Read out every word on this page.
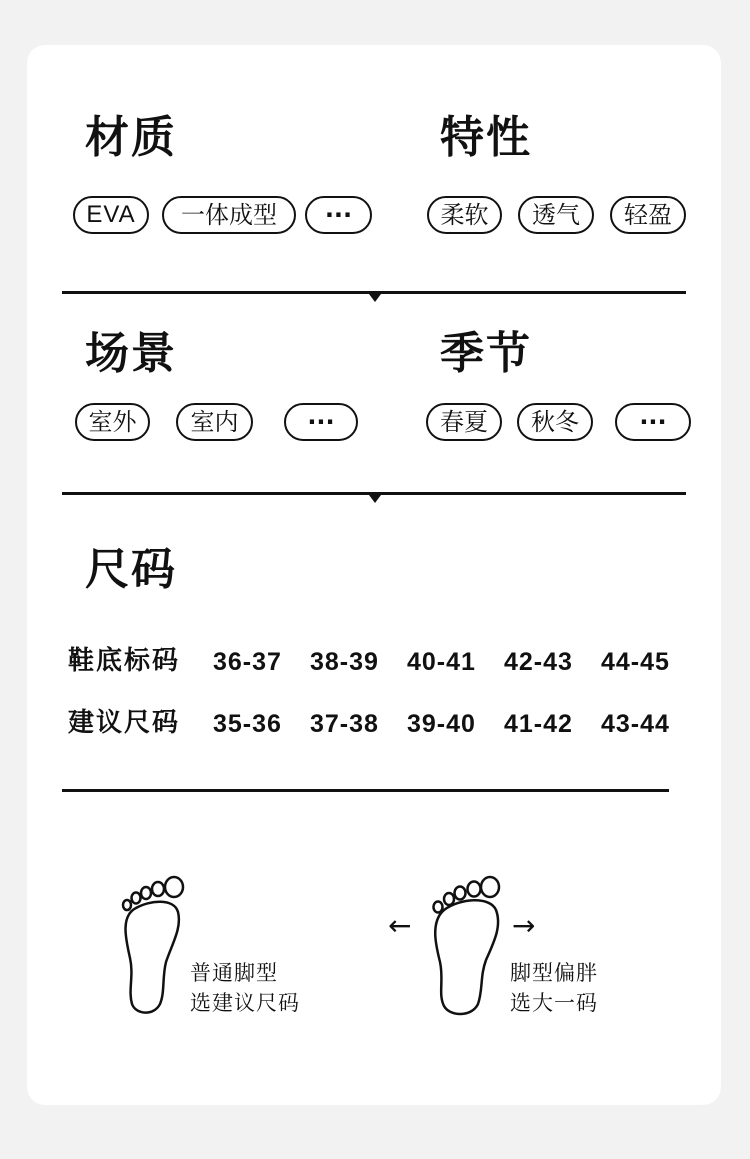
材质	特性
EVA	一体成型	···	柔软	透气	轻盈
场景	季节
室外	室内	···	春夏	秋冬	···
尺码
鞋底标码 36-37 38-39 40-41 42-43 44-45
建议尺码 35-36 37-38 39-40 41-42 43-44
普通脚型
选建议尺码
←	→
脚型偏胖
选大一码
